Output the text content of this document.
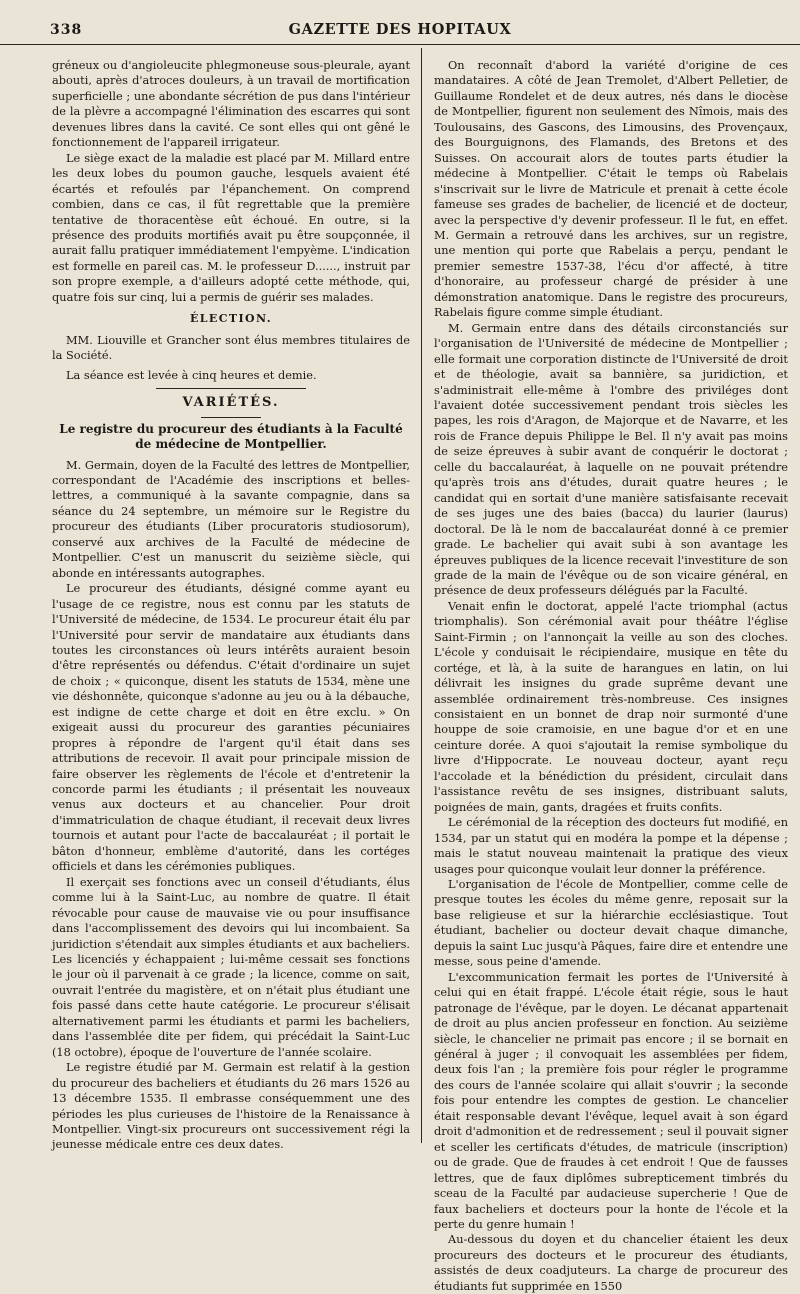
338	GAZETTE DES HOPITAUX

gréneux ou d'angioleucite phlegmoneuse sous-pleurale, ayant abouti, après d'atroces douleurs, à un travail de mortification superficielle ; une abondante sécrétion de pus dans l'intérieur de la plèvre a accompagné l'élimination des escarres qui sont devenues libres dans la cavité. Ce sont elles qui ont gêné le fonctionnement de l'appareil irrigateur.

Le siège exact de la maladie est placé par M. Millard entre les deux lobes du poumon gauche, lesquels avaient été écartés et refoulés par l'épanchement. On comprend combien, dans ce cas, il fût regrettable que la première tentative de thoracentèse eût échoué. En outre, si la présence des produits mortifiés avait pu être soupçonnée, il aurait fallu pratiquer immédiatement l'empyème. L'indication est formelle en pareil cas. M. le professeur D......, instruit par son propre exemple, a d'ailleurs adopté cette méthode, qui, quatre fois sur cinq, lui a permis de guérir ses malades.

ÉLECTION.

MM. Liouville et Grancher sont élus membres titulaires de la Société.

La séance est levée à cinq heures et demie.

VARIÉTÉS.
Le registre du procureur des étudiants à la Faculté de médecine de Montpellier.

M. Germain, doyen de la Faculté des lettres de Montpellier, correspondant de l'Académie des inscriptions et belles-lettres, a communiqué à la savante compagnie, dans sa séance du 24 septembre, un mémoire sur le Registre du procureur des étudiants (Liber procuratoris studiosorum), conservé aux archives de la Faculté de médecine de Montpellier. C'est un manuscrit du seizième siècle, qui abonde en intéressants autographes.

Le procureur des étudiants, désigné comme ayant eu l'usage de ce registre, nous est connu par les statuts de l'Université de médecine, de 1534. Le procureur était élu par l'Université pour servir de mandataire aux étudiants dans toutes les circonstances où leurs intérêts auraient besoin d'être représentés ou défendus. C'était d'ordinaire un sujet de choix ; « quiconque, disent les statuts de 1534, mène une vie déshonnête, quiconque s'adonne au jeu ou à la débauche, est indigne de cette charge et doit en être exclu. » On exigeait aussi du procureur des garanties pécuniaires propres à répondre de l'argent qu'il était dans ses attributions de recevoir. Il avait pour principale mission de faire observer les règlements de l'école et d'entretenir la concorde parmi les étudiants ; il présentait les nouveaux venus aux docteurs et au chancelier. Pour droit d'immatriculation de chaque étudiant, il recevait deux livres tournois et autant pour l'acte de baccalauréat ; il portait le bâton d'honneur, emblème d'autorité, dans les cortéges officiels et dans les cérémonies publiques.

Il exerçait ses fonctions avec un conseil d'étudiants, élus comme lui à la Saint-Luc, au nombre de quatre. Il était révocable pour cause de mauvaise vie ou pour insuffisance dans l'accomplissement des devoirs qui lui incombaient. Sa juridiction s'étendait aux simples étudiants et aux bacheliers. Les licenciés y échappaient ; lui-même cessait ses fonctions le jour où il parvenait à ce grade ; la licence, comme on sait, ouvrait l'entrée du magistère, et on n'était plus étudiant une fois passé dans cette haute catégorie. Le procureur s'élisait alternativement parmi les étudiants et parmi les bacheliers, dans l'assemblée dite per fidem, qui précédait la Saint-Luc (18 octobre), époque de l'ouverture de l'année scolaire.

Le registre étudié par M. Germain est relatif à la gestion du procureur des bacheliers et étudiants du 26 mars 1526 au 13 décembre 1535. Il embrasse conséquemment une des périodes les plus curieuses de l'histoire de la Renaissance à Montpellier. Vingt-six procureurs ont successivement régi la jeunesse médicale entre ces deux dates.

On reconnaît d'abord la variété d'origine de ces mandataires. A côté de Jean Tremolet, d'Albert Pelletier, de Guillaume Rondelet et de deux autres, nés dans le diocèse de Montpellier, figurent non seulement des Nîmois, mais des Toulousains, des Gascons, des Limousins, des Provençaux, des Bourguignons, des Flamands, des Bretons et des Suisses. On accourait alors de toutes parts étudier la médecine à Montpellier. C'était le temps où Rabelais s'inscrivait sur le livre de Matricule et prenait à cette école fameuse ses grades de bachelier, de licencié et de docteur, avec la perspective d'y devenir professeur. Il le fut, en effet. M. Germain a retrouvé dans les archives, sur un registre, une mention qui porte que Rabelais a perçu, pendant le premier semestre 1537-38, l'écu d'or affecté, à titre d'honoraire, au professeur chargé de présider à une démonstration anatomique. Dans le registre des procureurs, Rabelais figure comme simple étudiant.

M. Germain entre dans des détails circonstanciés sur l'organisation de l'Université de médecine de Montpellier ; elle formait une corporation distincte de l'Université de droit et de théologie, avait sa bannière, sa juridiction, et s'administrait elle-même à l'ombre des priviléges dont l'avaient dotée successivement pendant trois siècles les papes, les rois d'Aragon, de Majorque et de Navarre, et les rois de France depuis Philippe le Bel. Il n'y avait pas moins de seize épreuves à subir avant de conquérir le doctorat ; celle du baccalauréat, à laquelle on ne pouvait prétendre qu'après trois ans d'études, durait quatre heures ; le candidat qui en sortait d'une manière satisfaisante recevait de ses juges une des baies (bacca) du laurier (laurus) doctoral. De là le nom de baccalauréat donné à ce premier grade. Le bachelier qui avait subi à son avantage les épreuves publiques de la licence recevait l'investiture de son grade de la main de l'évêque ou de son vicaire général, en présence de deux professeurs délégués par la Faculté.

Venait enfin le doctorat, appelé l'acte triomphal (actus triomphalis). Son cérémonial avait pour théâtre l'église Saint-Firmin ; on l'annonçait la veille au son des cloches. L'école y conduisait le récipiendaire, musique en tête du cortége, et là, à la suite de harangues en latin, on lui délivrait les insignes du grade suprême devant une assemblée ordinairement très-nombreuse. Ces insignes consistaient en un bonnet de drap noir surmonté d'une houppe de soie cramoisie, en une bague d'or et en une ceinture dorée. A quoi s'ajoutait la remise symbolique du livre d'Hippocrate. Le nouveau docteur, ayant reçu l'accolade et la bénédiction du président, circulait dans l'assistance revêtu de ses insignes, distribuant saluts, poignées de main, gants, dragées et fruits confits.

Le cérémonial de la réception des docteurs fut modifié, en 1534, par un statut qui en modéra la pompe et la dépense ; mais le statut nouveau maintenait la pratique des vieux usages pour quiconque voulait leur donner la préférence.

L'organisation de l'école de Montpellier, comme celle de presque toutes les écoles du même genre, reposait sur la base religieuse et sur la hiérarchie ecclésiastique. Tout étudiant, bachelier ou docteur devait chaque dimanche, depuis la saint Luc jusqu'à Pâques, faire dire et entendre une messe, sous peine d'amende.

L'excommunication fermait les portes de l'Université à celui qui en était frappé. L'école était régie, sous le haut patronage de l'évêque, par le doyen. Le décanat appartenait de droit au plus ancien professeur en fonction. Au seizième siècle, le chancelier ne primait pas encore ; il se bornait en général à juger ; il convoquait les assemblées per fidem, deux fois l'an ; la première fois pour régler le programme des cours de l'année scolaire qui allait s'ouvrir ; la seconde fois pour entendre les comptes de gestion. Le chancelier était responsable devant l'évêque, lequel avait à son égard droit d'admonition et de redressement ; seul il pouvait signer et sceller les certificats d'études, de matricule (inscription) ou de grade. Que de fraudes à cet endroit ! Que de fausses lettres, que de faux diplômes subrepticement timbrés du sceau de la Faculté par audacieuse supercherie ! Que de faux bacheliers et docteurs pour la honte de l'école et la perte du genre humain !

Au-dessous du doyen et du chancelier étaient les deux procureurs des docteurs et le procureur des étudiants, assistés de deux coadjuteurs. La charge de procureur des étudiants fut supprimée en 1550
